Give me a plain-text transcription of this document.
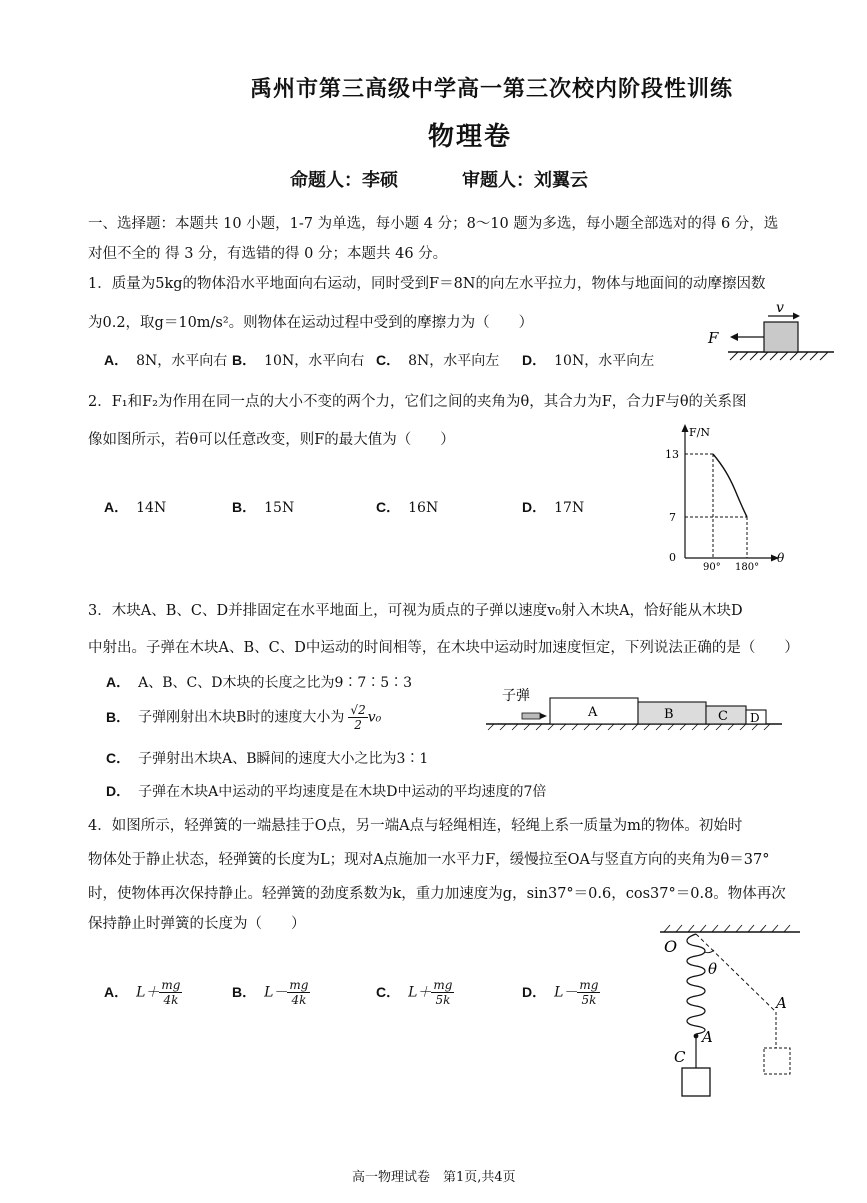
禹州市第三高级中学高一第三次校内阶段性训练
物理卷
命题人：李硕	审题人：刘翼云
一、选择题：本题共 10 小题，1-7 为单选，每小题 4 分；8～10 题为多选，每小题全部选对的得 6 分，选
对但不全的 得 3 分，有选错的得 0 分；本题共 46 分。
1．质量为5kg的物体沿水平地面向右运动，同时受到F＝8N的向左水平拉力，物体与地面间的动摩擦因数
为0.2，取g＝10m/s²。则物体在运动过程中受到的摩擦力为（　　）
A． 8N，水平向右 B． 10N，水平向右 C． 8N，水平向左 D． 10N，水平向左
F
v
2．F₁和F₂为作用在同一点的大小不变的两个力，它们之间的夹角为θ，其合力为F，合力F与θ的关系图
像如图所示，若θ可以任意改变，则F的最大值为（　　）
A． 14N	B． 15N	C． 16N	D． 17N
F/N
θ
13
7
0
90° 180°
3．木块A、B、C、D并排固定在水平地面上，可视为质点的子弹以速度v₀射入木块A，恰好能从木块D
中射出。子弹在木块A、B、C、D中运动的时间相等，在木块中运动时加速度恒定，下列说法正确的是（　　）
A． A、B、C、D木块的长度之比为9∶7∶5∶3
B． 子弹刚射出木块B时的速度大小为 $\frac{√2}{2} v_0$
C． 子弹射出木块A、B瞬间的速度大小之比为3∶1
D． 子弹在木块A中运动的平均速度是在木块D中运动的平均速度的7倍
子弹
A	B	C D
4．如图所示，轻弹簧的一端悬挂于O点，另一端A点与轻绳相连，轻绳上系一质量为m的物体。初始时
物体处于静止状态，轻弹簧的长度为L；现对A点施加一水平力F，缓慢拉至OA与竖直方向的夹角为θ＝37°
时，使物体再次保持静止。轻弹簧的劲度系数为k，重力加速度为g，sin37°＝0.6，cos37°＝0.8。物体再次
保持静止时弹簧的长度为（　　）
A． $L+ \frac{mg}{4k}$	B． $L- \frac{mg}{4k}$	C． $L+ \frac{mg}{5k}$	D． $L- \frac{mg}{5k}$
O
θ
A
A
C
高一物理试卷　第1页,共4页
